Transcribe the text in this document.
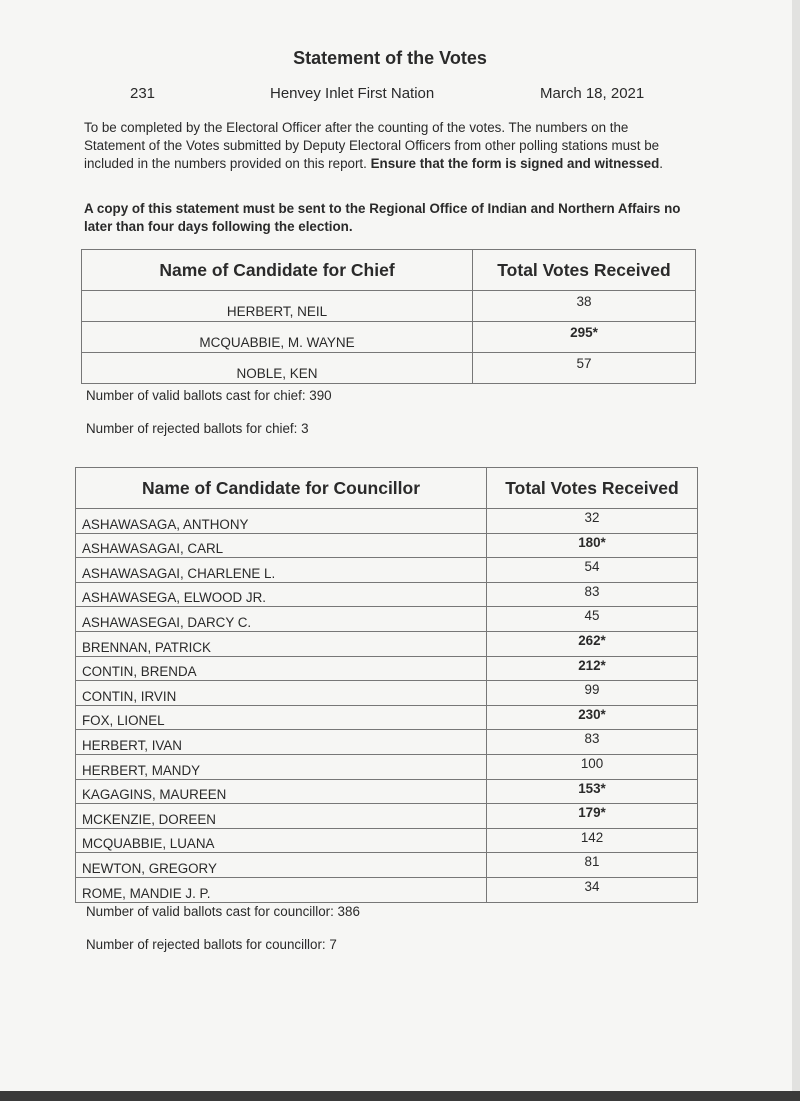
Statement of the Votes
231	Henvey Inlet First Nation	March 18, 2021
To be completed by the Electoral Officer after the counting of the votes. The numbers on the Statement of the Votes submitted by Deputy Electoral Officers from other polling stations must be included in the numbers provided on this report. Ensure that the form is signed and witnessed.
A copy of this statement must be sent to the Regional Office of Indian and Northern Affairs no later than four days following the election.
Name of Candidate for Chief	Total Votes Received
HERBERT, NEIL	38
MCQUABBIE, M. WAYNE	295*
NOBLE, KEN	57
Number of valid ballots cast for chief: 390
Number of rejected ballots for chief: 3
Name of Candidate for Councillor	Total Votes Received
ASHAWASAGA, ANTHONY	32
ASHAWASAGAI, CARL	180*
ASHAWASAGAI, CHARLENE L.	54
ASHAWASEGA, ELWOOD JR.	83
ASHAWASEGAI, DARCY C.	45
BRENNAN, PATRICK	262*
CONTIN, BRENDA	212*
CONTIN, IRVIN	99
FOX, LIONEL	230*
HERBERT, IVAN	83
HERBERT, MANDY	100
KAGAGINS, MAUREEN	153*
MCKENZIE, DOREEN	179*
MCQUABBIE, LUANA	142
NEWTON, GREGORY	81
ROME, MANDIE J. P.	34
Number of valid ballots cast for councillor: 386
Number of rejected ballots for councillor: 7
